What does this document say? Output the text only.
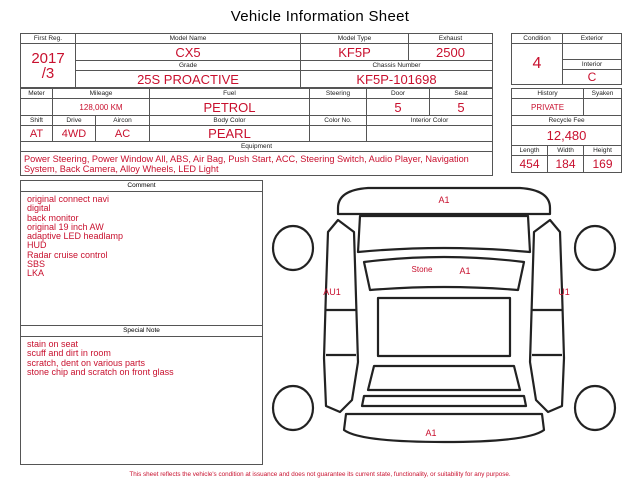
Vehicle Information Sheet
First Reg.	Model Name	Model Type	Exhaust

2017
/3	CX5	KF5P	2500
	Grade	Chassis Number	
	25S PROACTIVE	KF5P-101698	
Condition	Exterior
4	
	Interior
	C
Meter	Mileage		Fuel	Steering	Door	Seat
	128,000 KM		PETROL		5	5
Shift	Drive	Aircon	Body Color	Color No.	Interior Color	
AT	4WD	AC	PEARL			
Equipment						

Power Steering, Power Window All, ABS, Air Bag, Push Start, ACC, Steering Switch, Audio Player, Navigation System, Back Camera, Alloy Wheels, LED Light						
History		Syaken
PRIVATE		
Recycle Fee		
12,480		
Length	Width	Height
454	184	169
Comment
original connect navi
digital
back monitor
original 19 inch AW
adaptive LED headlamp
HUD
Radar cruise control
SBS
LKA
Special Note
stain on seat
scuff and dirt in room
scratch, dent on various parts
stone chip and scratch on front glass
A1
Stone	A1
AU1	U1
A1
This sheet reflects the vehicle's condition at issuance and does not guarantee its current state, functionality, or suitability for any purpose.
